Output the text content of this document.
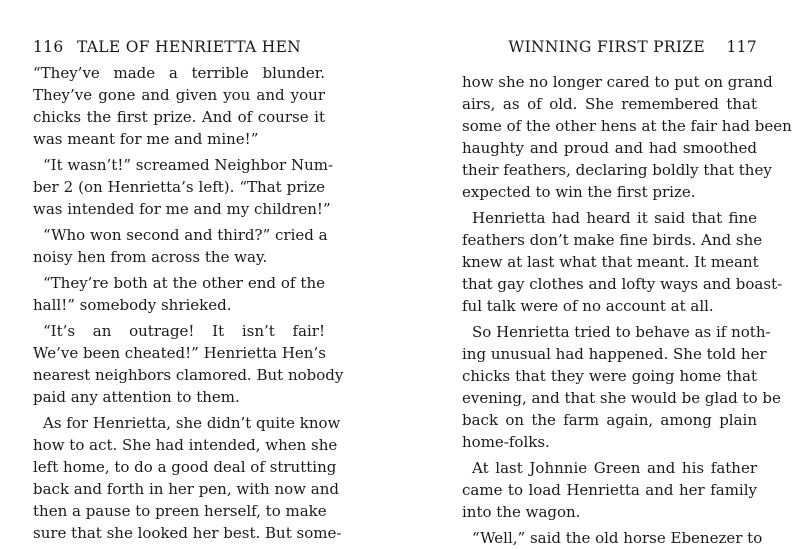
116 TALE OF HENRIETTA HEN
“They’ve made a terrible blunder.
They’ve gone and given you and your
chicks the first prize. And of course it
was meant for me and mine!”
“It wasn’t!” screamed Neighbor Num-
ber 2 (on Henrietta’s left). “That prize
was intended for me and my children!”
“Who won second and third?” cried a
noisy hen from across the way.
“They’re both at the other end of the
hall!” somebody shrieked.
“It’s an outrage! It isn’t fair!
We’ve been cheated!” Henrietta Hen’s
nearest neighbors clamored. But nobody
paid any attention to them.
As for Henrietta, she didn’t quite know
how to act. She had intended, when she
left home, to do a good deal of strutting
back and forth in her pen, with now and
then a pause to preen herself, to make
sure that she looked her best. But some-
WINNING FIRST PRIZE 117
how she no longer cared to put on grand
airs, as of old. She remembered that
some of the other hens at the fair had been
haughty and proud and had smoothed
their feathers, declaring boldly that they
expected to win the first prize.
Henrietta had heard it said that fine
feathers don’t make fine birds. And she
knew at last what that meant. It meant
that gay clothes and lofty ways and boast-
ful talk were of no account at all.
So Henrietta tried to behave as if noth-
ing unusual had happened. She told her
chicks that they were going home that
evening, and that she would be glad to be
back on the farm again, among plain
home-folks.
At last Johnnie Green and his father
came to load Henrietta and her family
into the wagon.
“Well,” said the old horse Ebenezer to
